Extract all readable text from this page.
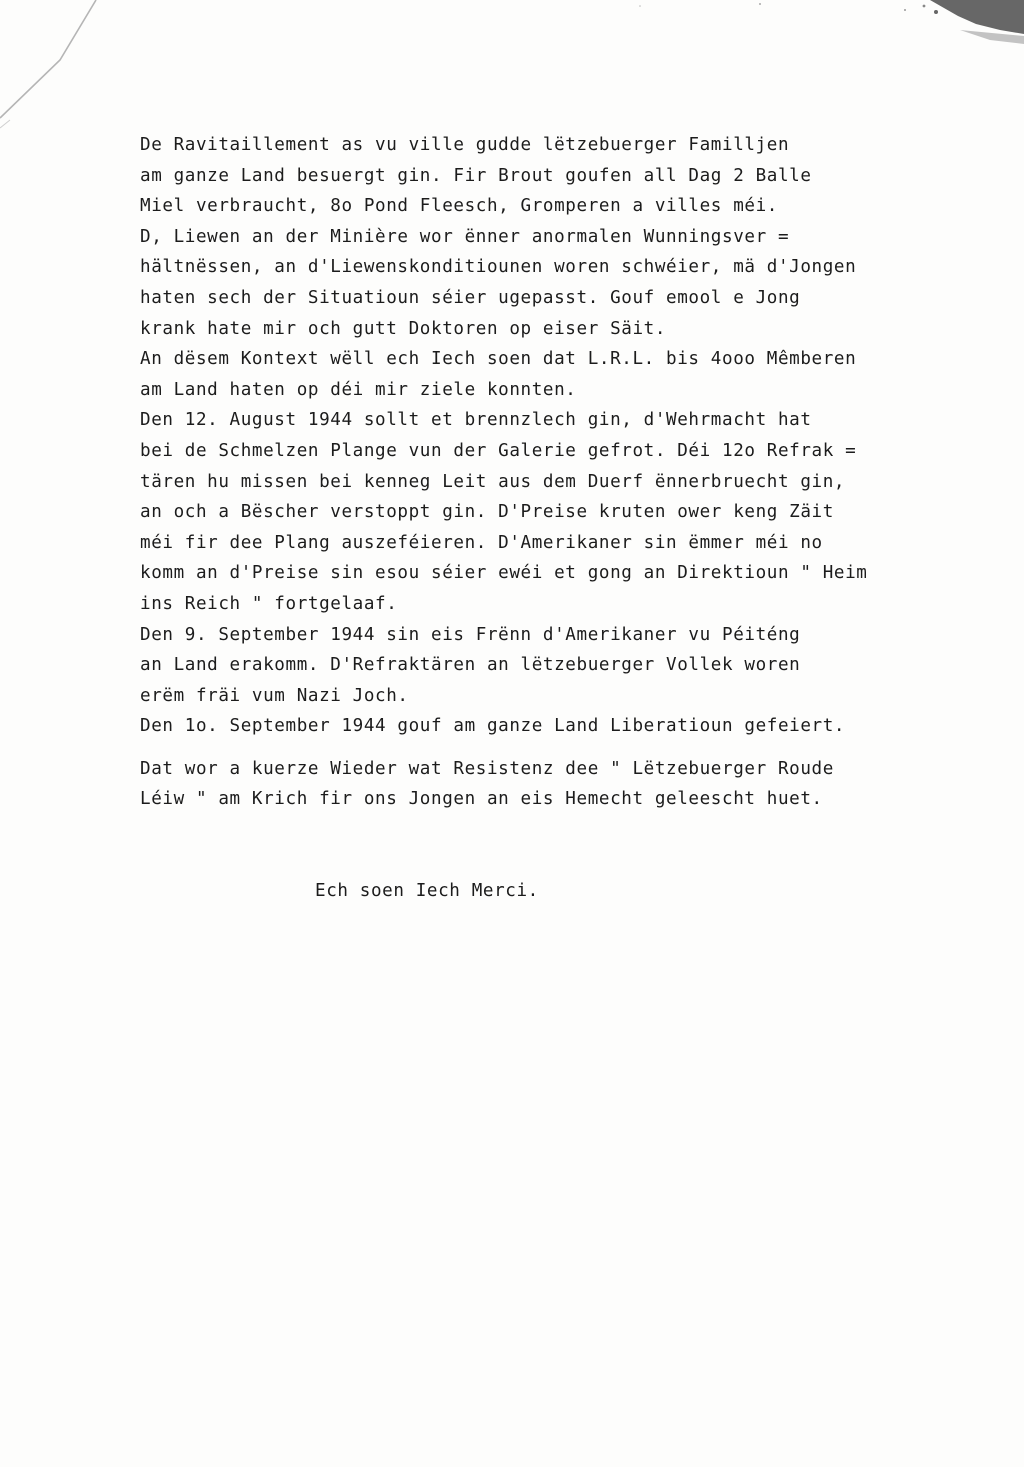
De Ravitaillement as vu ville gudde lëtzebuerger Familljen
am ganze Land besuergt gin. Fir Brout goufen all Dag 2 Balle
Miel verbraucht, 8o Pond Fleesch, Gromperen a villes méi.
D, Liewen an der Minière wor ënner anormalen Wunningsver =
hältnëssen, an d'Liewenskonditiounen woren schwéier, mä d'Jongen
haten sech der Situatioun séier ugepasst. Gouf emool e Jong
krank hate mir och gutt Doktoren op eiser Säit.
An dësem Kontext wëll ech Iech soen dat L.R.L. bis 4ooo Mêmberen
am Land haten op déi mir ziele konnten.
Den 12. August 1944 sollt et brennzlech gin, d'Wehrmacht hat
bei de Schmelzen Plange vun der Galerie gefrot. Déi 12o Refrak =
tären hu missen bei kenneg Leit aus dem Duerf ënnerbruecht gin,
an och a Bëscher verstoppt gin. D'Preise kruten ower keng Zäit
méi fir dee Plang auszeféieren. D'Amerikaner sin ëmmer méi no
komm an d'Preise sin esou séier ewéi et gong an Direktioun " Heim
ins Reich " fortgelaaf.
Den 9. September 1944 sin eis Frënn d'Amerikaner vu Péiténg
an Land erakomm. D'Refraktären an lëtzebuerger Vollek woren
erëm fräi vum Nazi Joch.
Den 1o. September 1944 gouf am ganze Land Liberatioun gefeiert.
Dat wor a kuerze Wieder wat Resistenz dee " Lëtzebuerger Roude
Léiw " am Krich fir ons Jongen an eis Hemecht geleescht huet.
Ech soen Iech Merci.
